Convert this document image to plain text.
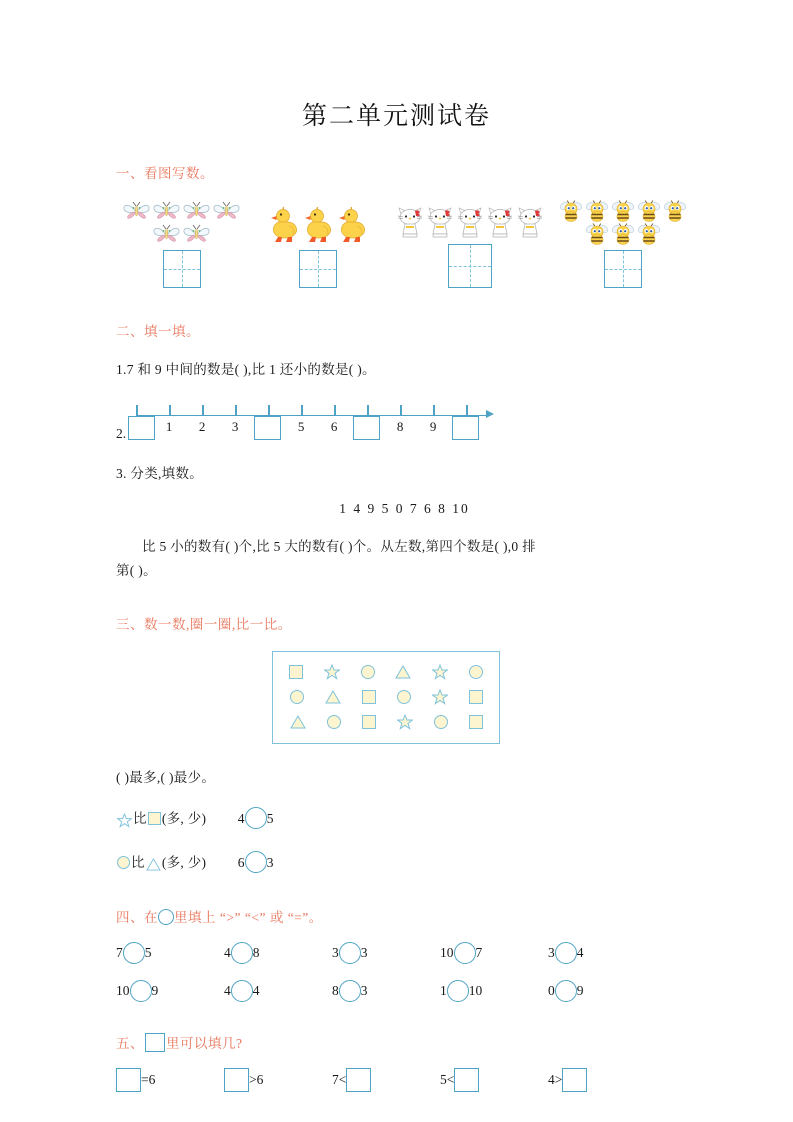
第二单元测试卷
一、看图写数。
二、填一填。
1.7 和 9 中间的数是( ),比 1 还小的数是( )。
2.	1	2	3	5	6	8	9
3. 分类,填数。
1 4 9 5 0 7 6 8 10
比 5 小的数有( )个,比 5 大的数有( )个。从左数,第四个数是( ),0 排
第( )。
三、数一数,圈一圈,比一比。
( )最多,( )最少。
比 (多, 少) 4 5
比 (多, 少) 6 3
四、在 里填上 “>” “<” 或 “=”。
7 5	4 8	3 3	10 7	3 4
10 9	4 4	8 3	1 10	0 9
五、 里可以填几?
=6	>6	7<	5<	4>
